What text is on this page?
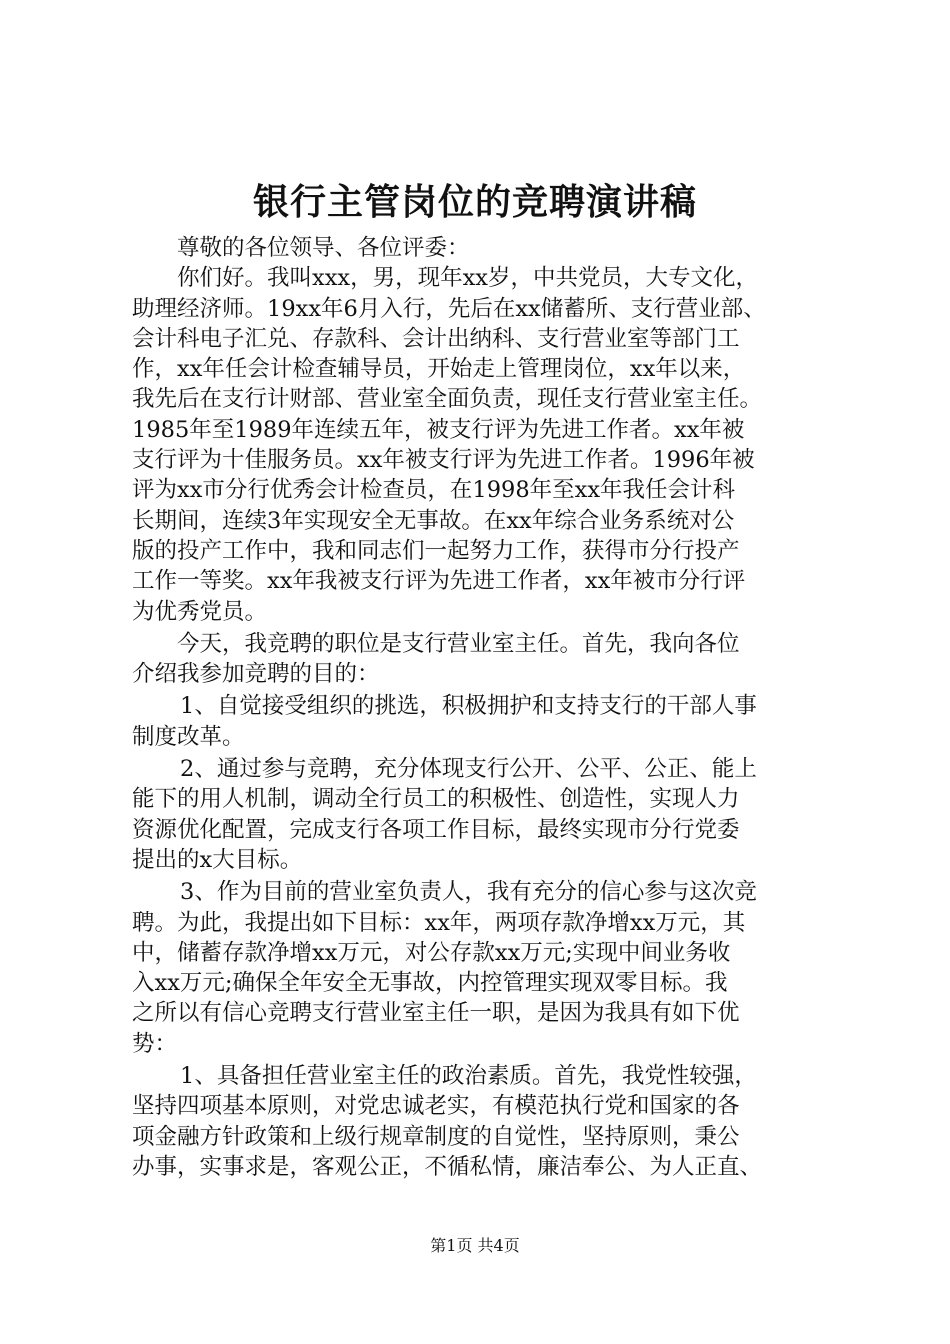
银行主管岗位的竞聘演讲稿
尊敬的各位领导、各位评委：
你们好。我叫xxx，男，现年xx岁，中共党员，大专文化，
助理经济师。19xx年6月入行，先后在xx储蓄所、支行营业部、
会计科电子汇兑、存款科、会计出纳科、支行营业室等部门工
作，xx年任会计检查辅导员，开始走上管理岗位，xx年以来，
我先后在支行计财部、营业室全面负责，现任支行营业室主任。
1985年至1989年连续五年，被支行评为先进工作者。xx年被
支行评为十佳服务员。xx年被支行评为先进工作者。1996年被
评为xx市分行优秀会计检查员，在1998年至xx年我任会计科
长期间，连续3年实现安全无事故。在xx年综合业务系统对公
版的投产工作中，我和同志们一起努力工作，获得市分行投产
工作一等奖。xx年我被支行评为先进工作者，xx年被市分行评
为优秀党员。
今天，我竞聘的职位是支行营业室主任。首先，我向各位
介绍我参加竞聘的目的：
1、自觉接受组织的挑选，积极拥护和支持支行的干部人事
制度改革。
2、通过参与竞聘，充分体现支行公开、公平、公正、能上
能下的用人机制，调动全行员工的积极性、创造性，实现人力
资源优化配置，完成支行各项工作目标，最终实现市分行党委
提出的x大目标。
3、作为目前的营业室负责人，我有充分的信心参与这次竞
聘。为此，我提出如下目标：xx年，两项存款净增xx万元，其
中，储蓄存款净增xx万元，对公存款xx万元;实现中间业务收
入xx万元;确保全年安全无事故，内控管理实现双零目标。我
之所以有信心竞聘支行营业室主任一职，是因为我具有如下优
势：
1、具备担任营业室主任的政治素质。首先，我党性较强，
坚持四项基本原则，对党忠诚老实，有模范执行党和国家的各
项金融方针政策和上级行规章制度的自觉性，坚持原则，秉公
办事，实事求是，客观公正，不循私情，廉洁奉公、为人正直、
第1页 共4页
